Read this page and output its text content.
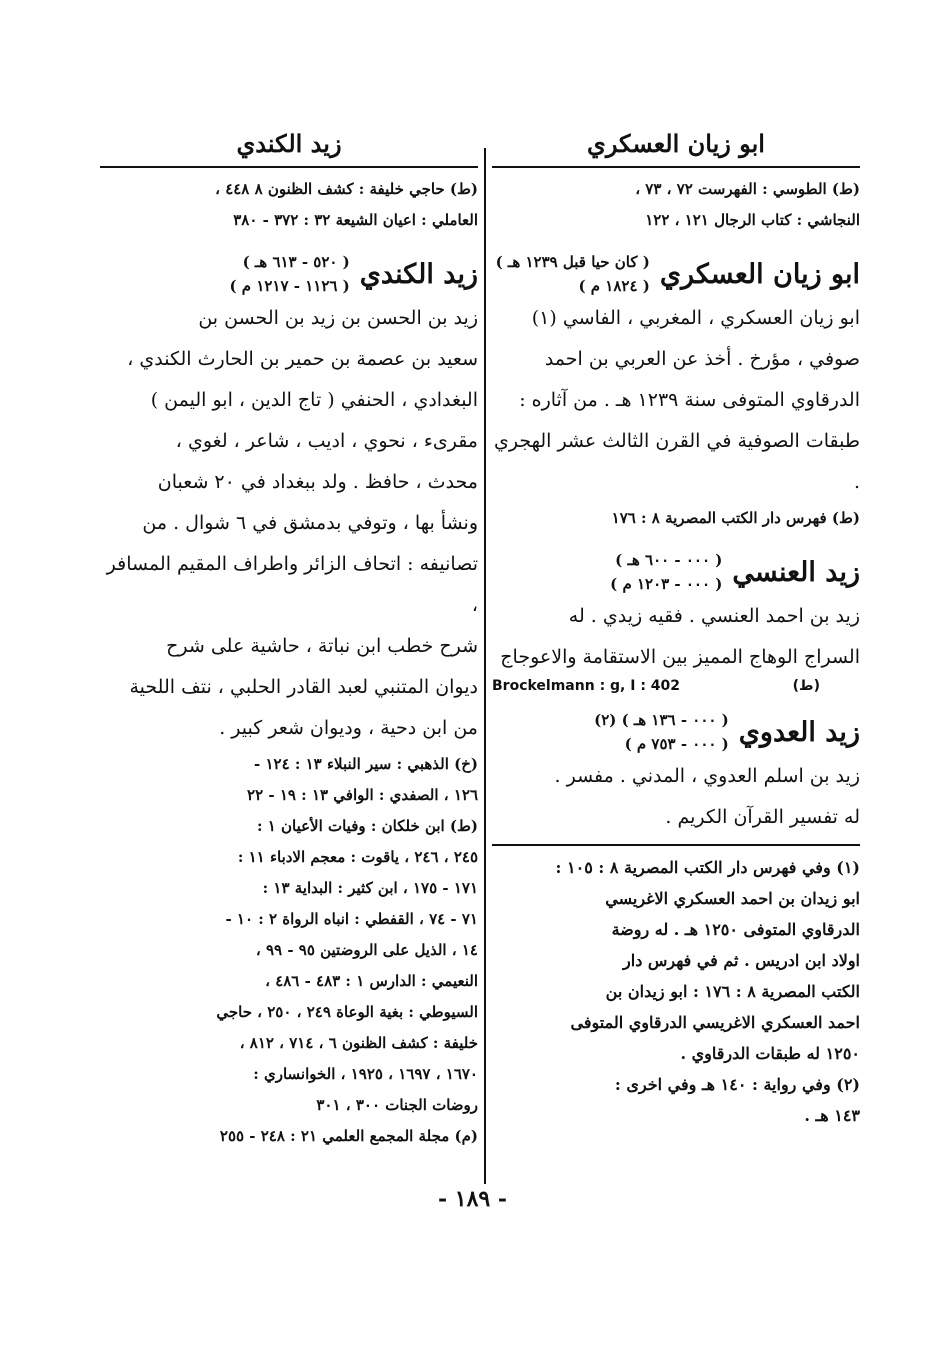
ابو زيان العسكري

(ط) الطوسي : الفهرست ٧٢ ، ٧٣ ،

النجاشي : كتاب الرجال ١٢١ ، ١٢٢

ابو زيان العسكري
( كان حيا قبل ١٢٣٩ هـ )
( ١٨٢٤ م )

ابو زيان العسكري ، المغربي ، الفاسي (١)

صوفي ، مؤرخ . أخذ عن العربي بن احمد

الدرقاوي المتوفى سنة ١٢٣٩ هـ . من آثاره :

طبقات الصوفية في القرن الثالث عشر الهجري .

(ط) فهرس دار الكتب المصرية ٨ : ١٧٦

زيد العنسي
( ٠٠٠ - ٦٠٠ هـ )
( ٠٠٠ - ١٢٠٣ م )

زيد بن احمد العنسي . فقيه زيدي . له

السراج الوهاج المميز بين الاستقامة والاعوجاج

Brockelmann : g, I : 402	(ط)
زيد العدوي
( ٠٠٠ - ١٣٦ هـ ) (٢)
( ٠٠٠ - ٧٥٣ م )

زيد بن اسلم العدوي ، المدني . مفسر .

له تفسير القرآن الكريم .

(١) وفي فهرس دار الكتب المصرية ٨ : ١٠٥ :

ابو زيدان بن احمد العسكري الاغريسي

الدرقاوي المتوفى ١٢٥٠ هـ . له روضة

اولاد ابن ادريس . ثم في فهرس دار

الكتب المصرية ٨ : ١٧٦ : ابو زيدان بن

احمد العسكري الاغريسي الدرقاوي المتوفى

١٢٥٠ له طبقات الدرقاوي .

(٢) وفي رواية : ١٤٠ هـ وفي اخرى :

١٤٣ هـ .

زيد الكندي

(ط) حاجي خليفة : كشف الظنون ٨ ٤٤٨ ،

العاملي : اعيان الشيعة ٣٢ : ٣٧٢ - ٣٨٠

زيد الكندي
( ٥٢٠ - ٦١٣ هـ )
( ١١٢٦ - ١٢١٧ م )

زيد بن الحسن بن زيد بن الحسن بن

سعيد بن عصمة بن حمير بن الحارث الكندي ،

البغدادي ، الحنفي ( تاج الدين ، ابو اليمن )

مقرىء ، نحوي ، اديب ، شاعر ، لغوي ،

محدث ، حافظ . ولد ببغداد في ٢٠ شعبان

ونشأ بها ، وتوفي بدمشق في ٦ شوال . من

تصانيفه : اتحاف الزائر واطراف المقيم المسافر ،

شرح خطب ابن نباتة ، حاشية على شرح

ديوان المتنبي لعبد القادر الحلبي ، نتف اللحية

من ابن دحية ، وديوان شعر كبير .

(خ) الذهبي : سير النبلاء ١٣ : ١٢٤ -

١٢٦ ، الصفدي : الوافي ١٣ : ١٩ - ٢٢

(ط) ابن خلكان : وفيات الأعيان ١ :

٢٤٥ ، ٢٤٦ ، ياقوت : معجم الادباء ١١ :

١٧١ - ١٧٥ ، ابن كثير : البداية ١٣ :

٧١ - ٧٤ ، القفطي : انباه الرواة ٢ : ١٠ -

١٤ ، الذيل على الروضتين ٩٥ - ٩٩ ،

النعيمي : الدارس ١ : ٤٨٣ - ٤٨٦ ،

السيوطي : بغية الوعاة ٢٤٩ ، ٢٥٠ ، حاجي

خليفة : كشف الظنون ٦ ، ٧١٤ ، ٨١٢ ،

١٦٧٠ ، ١٦٩٧ ، ١٩٢٥ ، الخوانساري :

روضات الجنات ٣٠٠ ، ٣٠١

(م) مجلة المجمع العلمي ٢١ : ٢٤٨ - ٢٥٥

- ١٨٩ -
